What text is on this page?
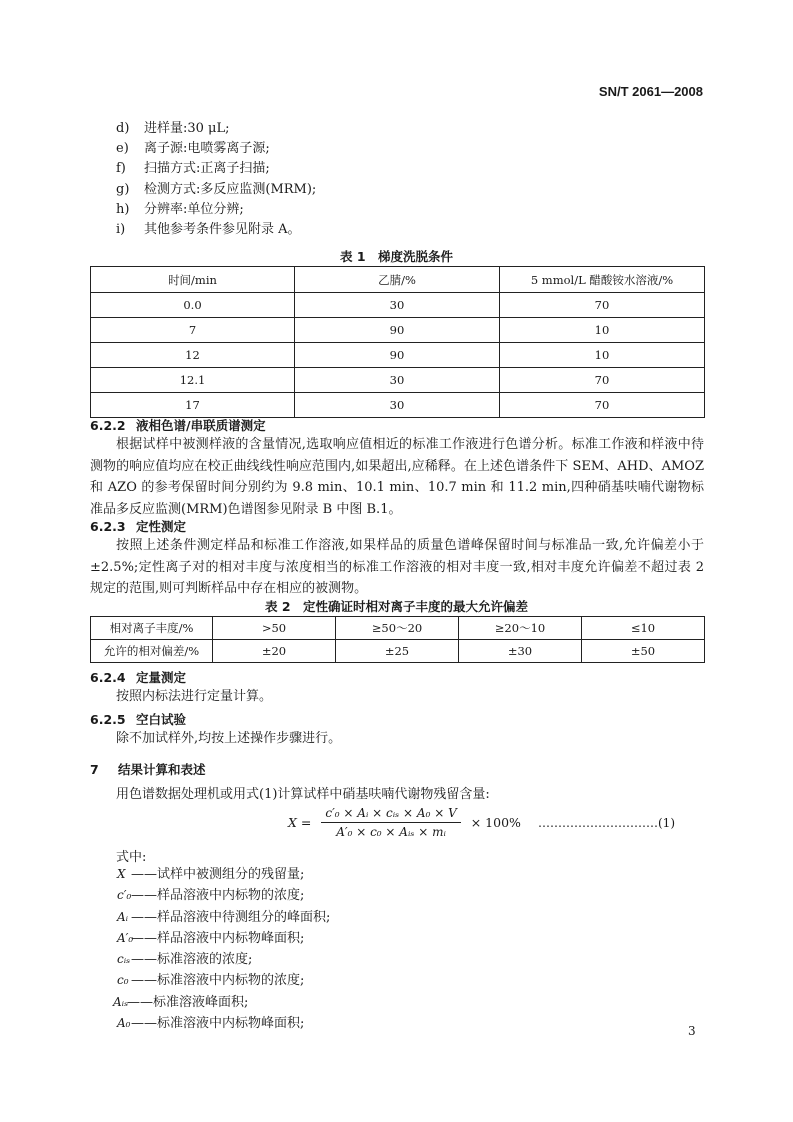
SN/T 2061—2008
d) 进样量:30 μL;
e) 离子源:电喷雾离子源;
f) 扫描方式:正离子扫描;
g) 检测方式:多反应监测(MRM);
h) 分辨率:单位分辨;
i) 其他参考条件参见附录 A。
表 1　梯度洗脱条件
时间/min	乙腈/%	5 mmol/L 醋酸铵水溶液/%
0.0	30	70
7	90	10
12	90	10
12.1	30	70
17	30	70
6.2.2 液相色谱/串联质谱测定

根据试样中被测样液的含量情况,选取响应值相近的标准工作液进行色谱分析。标准工作液和样液中待测物的响应值均应在校正曲线线性响应范围内,如果超出,应稀释。在上述色谱条件下 SEM、AHD、AMOZ 和 AZO 的参考保留时间分别约为 9.8 min、10.1 min、10.7 min 和 11.2 min,四种硝基呋喃代谢物标准品多反应监测(MRM)色谱图参见附录 B 中图 B.1。

6.2.3 定性测定

按照上述条件测定样品和标准工作溶液,如果样品的质量色谱峰保留时间与标准品一致,允许偏差小于±2.5%;定性离子对的相对丰度与浓度相当的标准工作溶液的相对丰度一致,相对丰度允许偏差不超过表 2 规定的范围,则可判断样品中存在相应的被测物。

表 2　定性确证时相对离子丰度的最大允许偏差
相对离子丰度/%	>50	≥50～20	≥20～10	≤10
允许的相对偏差/%	±20	±25	±30	±50
6.2.4 定量测定

按照内标法进行定量计算。

6.2.5 空白试验

除不加试样外,均按上述操作步骤进行。

7 结果计算和表述

用色谱数据处理机或用式(1)计算试样中硝基呋喃代谢物残留含量:

$X = \frac{\text{c′₀ × Aᵢ × cᵢₛ × A₀ × V}}{\text{A′₀ × c₀ × Aᵢₛ × mᵢ}} \times 100\%$ …………………………(1)
式中:
X ——试样中被测组分的残留量;
c′₀——样品溶液中内标物的浓度;
Aᵢ ——样品溶液中待测组分的峰面积;
A′₀——样品溶液中内标物峰面积;
cᵢₛ——标准溶液的浓度;
c₀ ——标准溶液中内标物的浓度;
Aᵢₛ——标准溶液峰面积;
A₀——标准溶液中内标物峰面积;	3
